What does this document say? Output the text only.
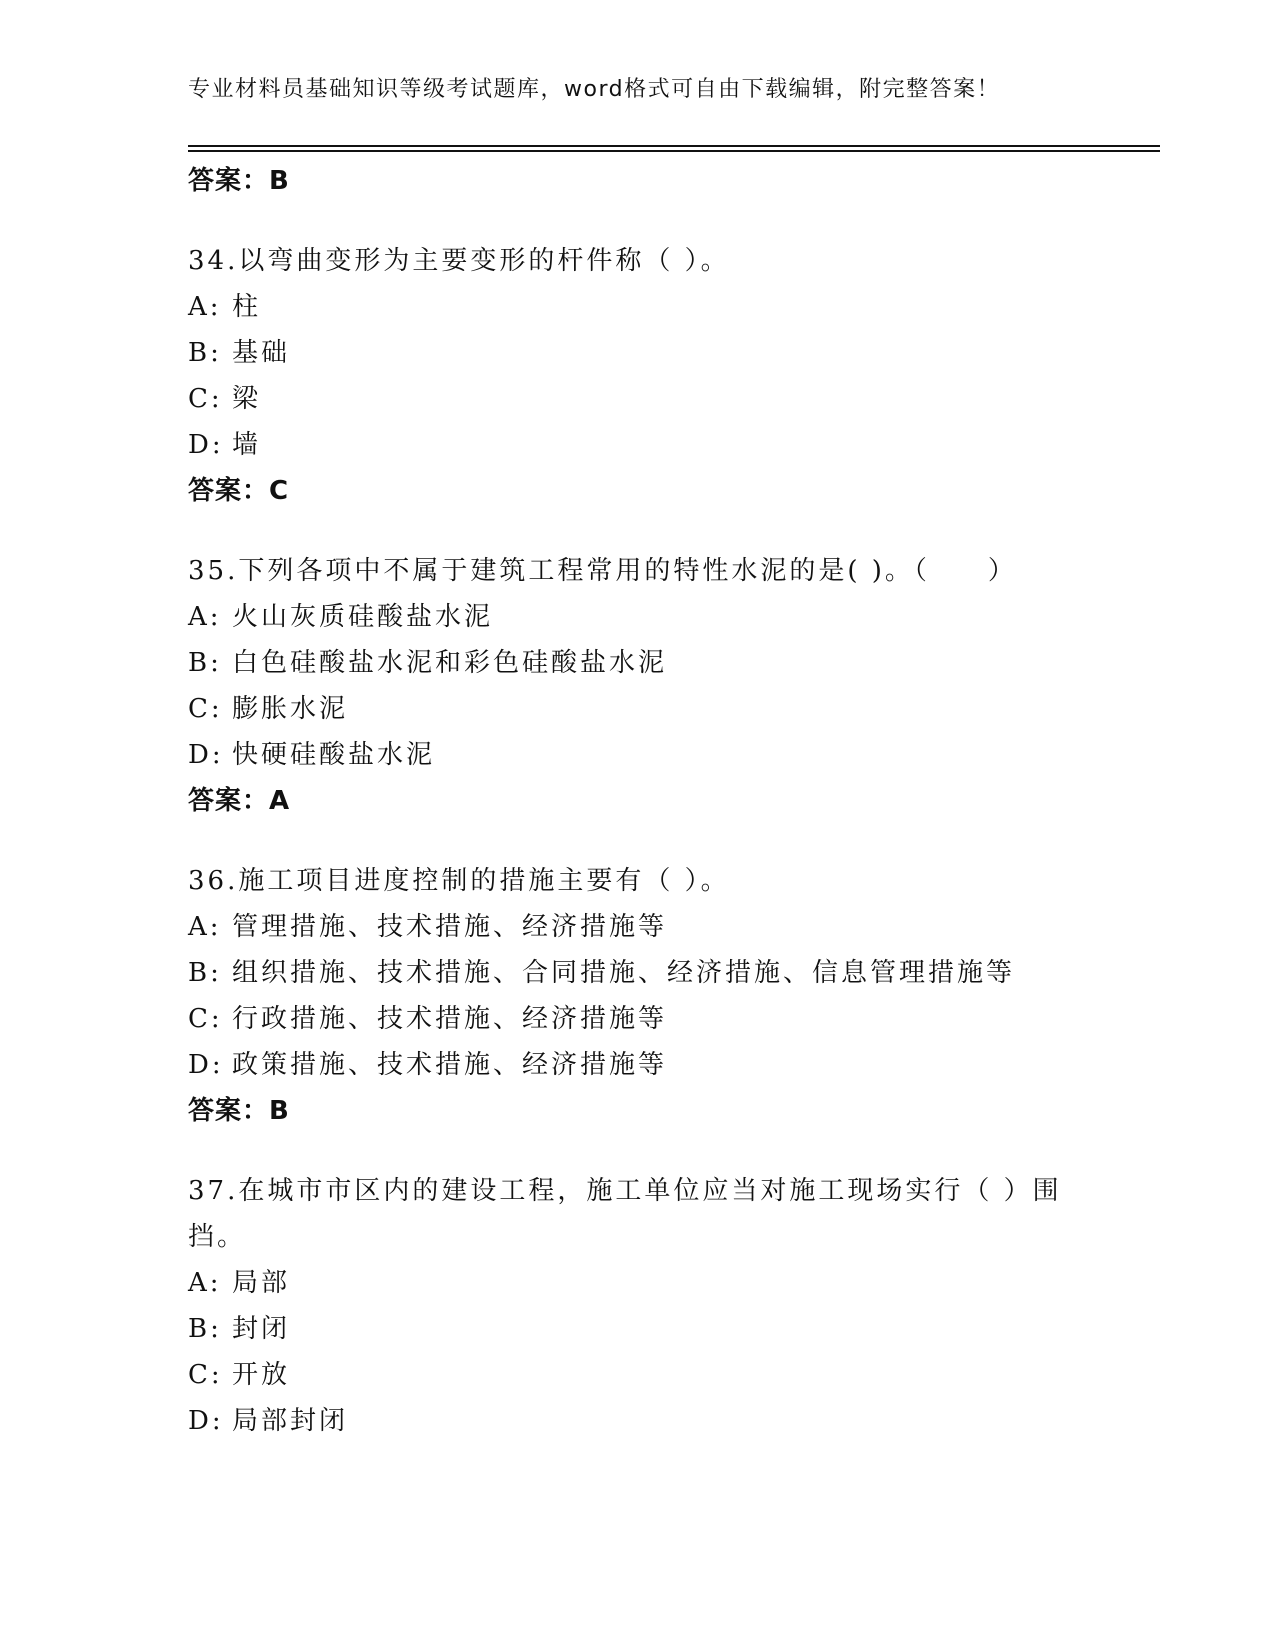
专业材料员基础知识等级考试题库，word格式可自由下载编辑，附完整答案！
答案：B
34.以弯曲变形为主要变形的杆件称（ ）。
A: 柱
B: 基础
C: 梁
D: 墙
答案：C
35.下列各项中不属于建筑工程常用的特性水泥的是( )。（　　）
A: 火山灰质硅酸盐水泥
B: 白色硅酸盐水泥和彩色硅酸盐水泥
C: 膨胀水泥
D: 快硬硅酸盐水泥
答案：A
36.施工项目进度控制的措施主要有（ ）。
A: 管理措施、技术措施、经济措施等
B: 组织措施、技术措施、合同措施、经济措施、信息管理措施等
C: 行政措施、技术措施、经济措施等
D: 政策措施、技术措施、经济措施等
答案：B
37.在城市市区内的建设工程，施工单位应当对施工现场实行（ ）围挡。
A: 局部
B: 封闭
C: 开放
D: 局部封闭
